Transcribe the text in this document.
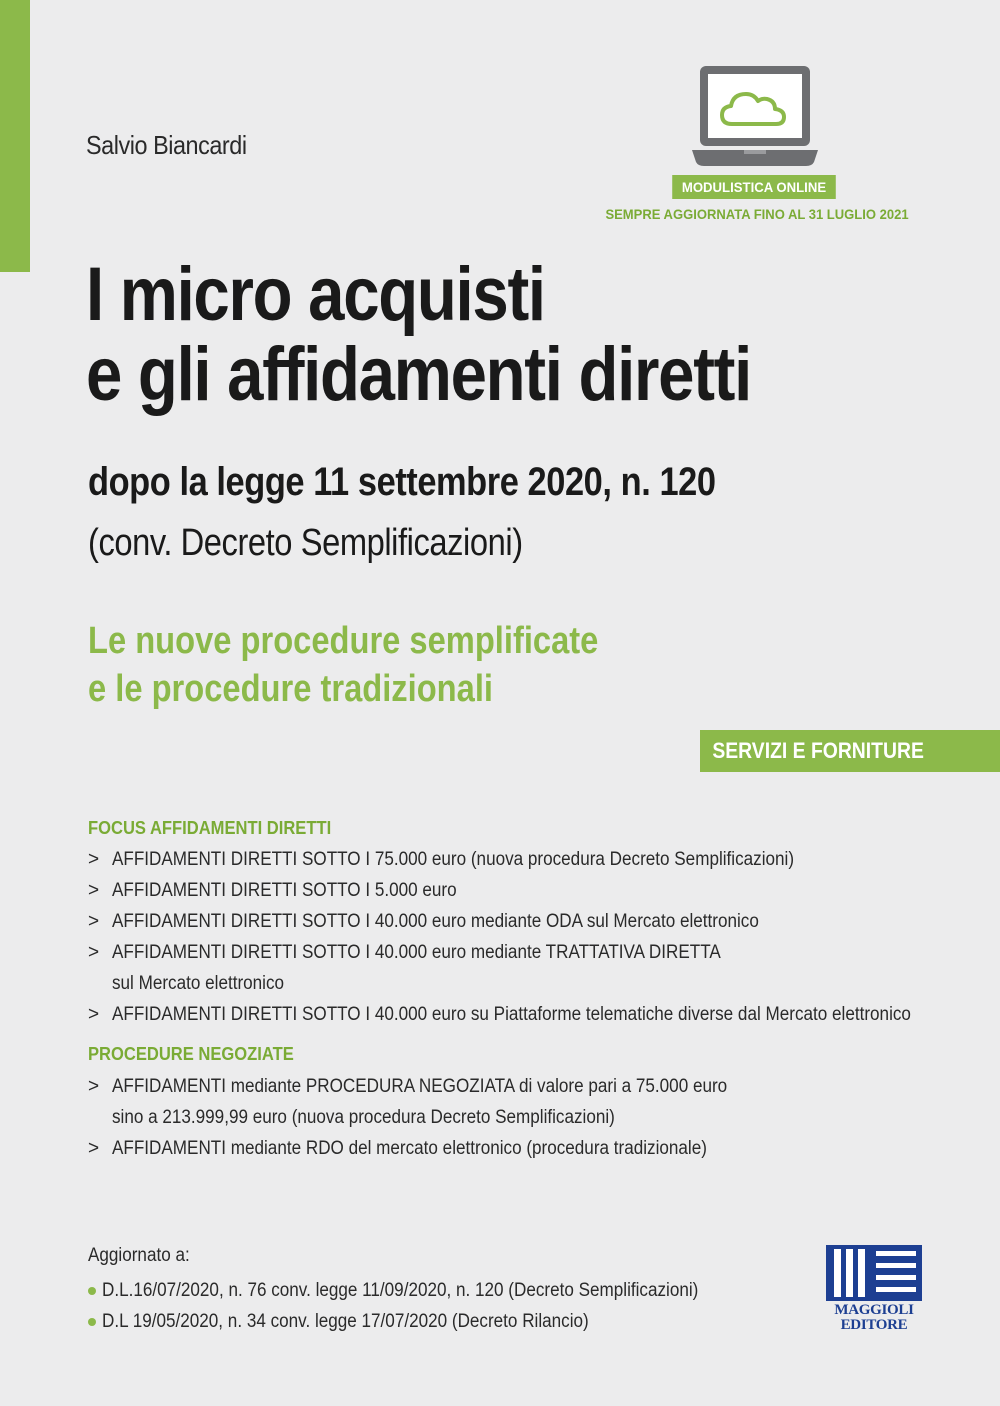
Salvio Biancardi
MODULISTICA ONLINE
SEMPRE AGGIORNATA FINO AL 31 LUGLIO 2021
I micro acquisti
e gli affidamenti diretti
dopo la legge 11 settembre 2020, n. 120
(conv. Decreto Semplificazioni)
Le nuove procedure semplificate
e le procedure tradizionali
SERVIZI E FORNITURE
FOCUS AFFIDAMENTI DIRETTI
> AFFIDAMENTI DIRETTI SOTTO I 75.000 euro (nuova procedura Decreto Semplificazioni)
> AFFIDAMENTI DIRETTI SOTTO I 5.000 euro
> AFFIDAMENTI DIRETTI SOTTO I 40.000 euro mediante ODA sul Mercato elettronico
> AFFIDAMENTI DIRETTI SOTTO I 40.000 euro mediante TRATTATIVA DIRETTA
sul Mercato elettronico
> AFFIDAMENTI DIRETTI SOTTO I 40.000 euro su Piattaforme telematiche diverse dal Mercato elettronico
PROCEDURE NEGOZIATE
> AFFIDAMENTI mediante PROCEDURA NEGOZIATA di valore pari a 75.000 euro
sino a 213.999,99 euro (nuova procedura Decreto Semplificazioni)
> AFFIDAMENTI mediante RDO del mercato elettronico (procedura tradizionale)
Aggiornato a:
D.L.16/07/2020, n. 76 conv. legge 11/09/2020, n. 120 (Decreto Semplificazioni)
D.L 19/05/2020, n. 34 conv. legge 17/07/2020 (Decreto Rilancio)
MAGGIOLI
EDITORE
